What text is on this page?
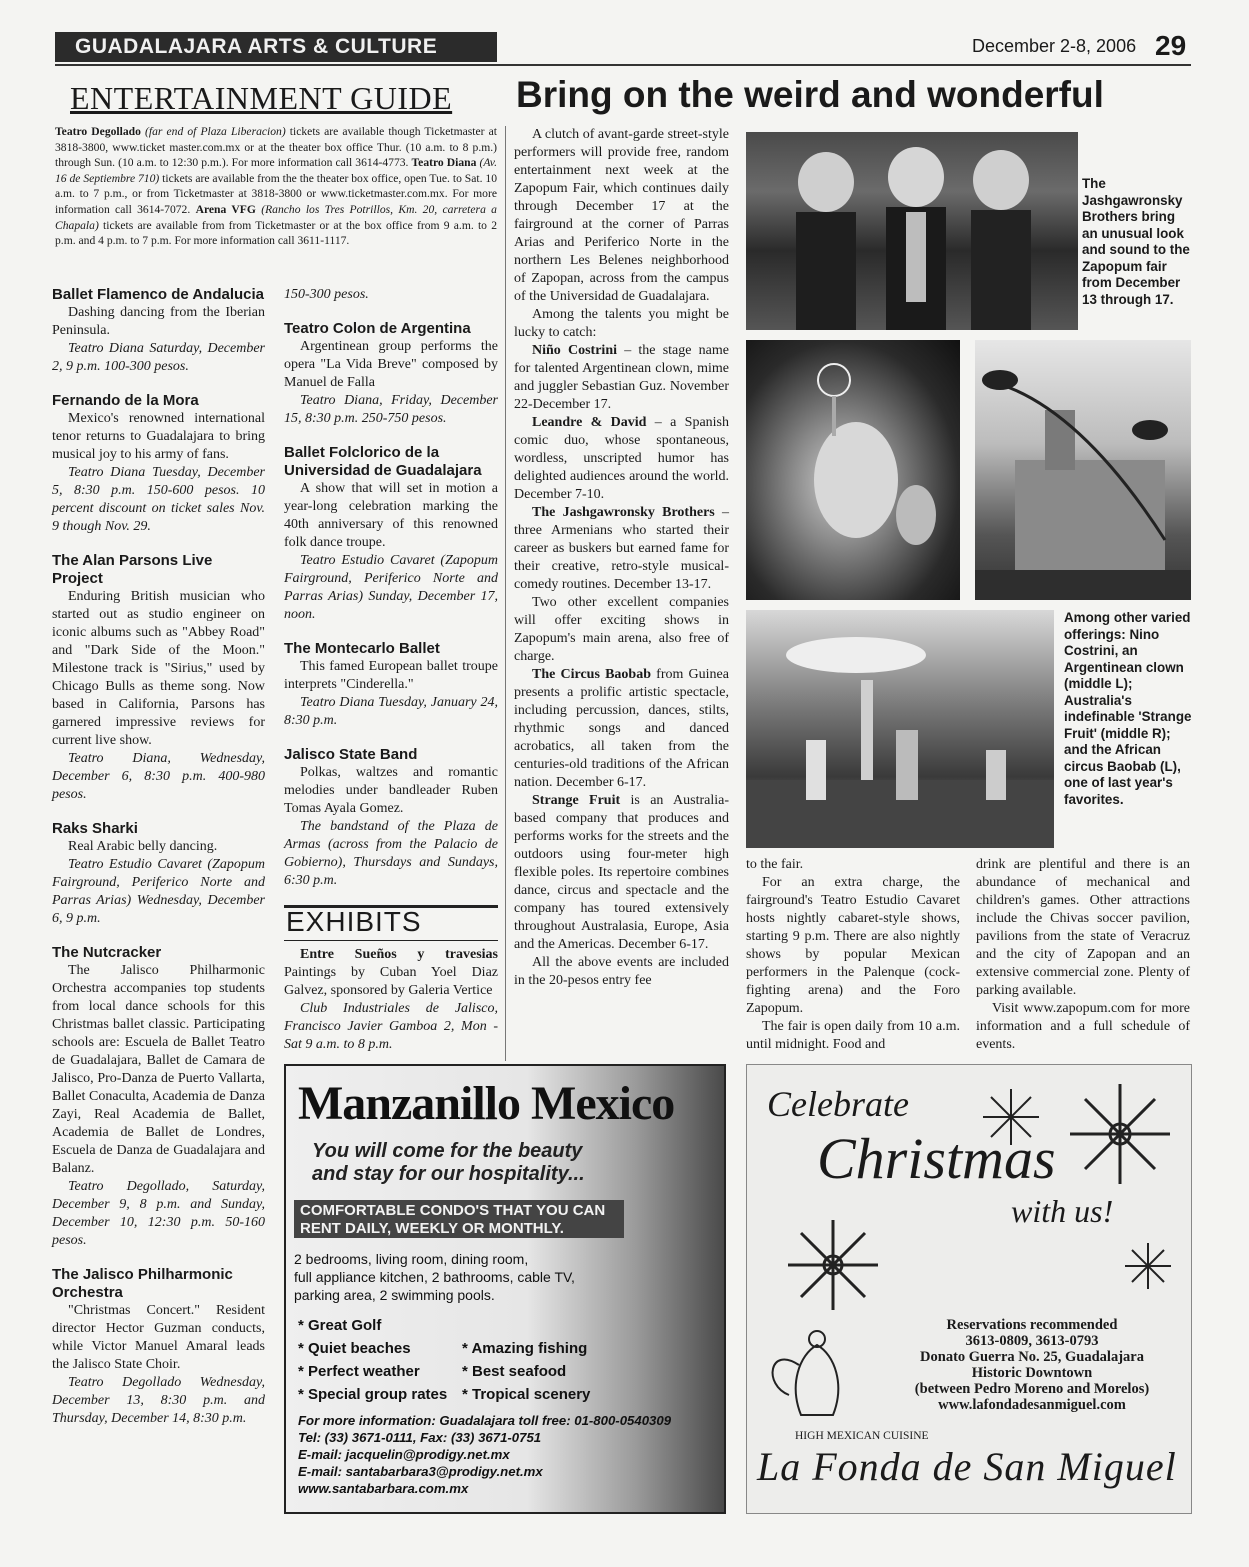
GUADALAJARA ARTS & CULTURE	December 2-8, 2006 29
ENTERTAINMENT GUIDE	Bring on the weird and wonderful
Teatro Degollado (far end of Plaza Liberacion) tickets are available though Ticketmaster at 3818-3800, www.ticket master.com.mx or at the theater box office Thur. (10 a.m. to 8 p.m.) through Sun. (10 a.m. to 12:30 p.m.). For more information call 3614-4773. Teatro Diana (Av. 16 de Septiembre 710) tickets are available from the the theater box office, open Tue. to Sat. 10 a.m. to 7 p.m., or from Ticketmaster at 3818-3800 or www.ticketmaster.com.mx. For more information call 3614-7072. Arena VFG (Rancho los Tres Potrillos, Km. 20, carretera a Chapala) tickets are available from from Ticketmaster or at the box office from 9 a.m. to 2 p.m. and 4 p.m. to 7 p.m. For more information call 3611-1117.
Ballet Flamenco de Andalucia

Dashing dancing from the Iberian Peninsula.

Teatro Diana Saturday, December 2, 9 p.m. 100-300 pesos.

Fernando de la Mora

Mexico's renowned international tenor returns to Guadalajara to bring musical joy to his army of fans.

Teatro Diana Tuesday, December 5, 8:30 p.m. 150-600 pesos. 10 percent discount on ticket sales Nov. 9 though Nov. 29.

The Alan Parsons Live Project

Enduring British musician who started out as studio engineer on iconic albums such as "Abbey Road" and "Dark Side of the Moon." Milestone track is "Sirius," used by Chicago Bulls as theme song. Now based in California, Parsons has garnered impressive reviews for current live show.

Teatro Diana, Wednesday, December 6, 8:30 p.m. 400-980 pesos.

Raks Sharki

Real Arabic belly dancing.

Teatro Estudio Cavaret (Zapopum Fairground, Periferico Norte and Parras Arias) Wednesday, December 6, 9 p.m.

The Nutcracker

The Jalisco Philharmonic Orchestra accompanies top students from local dance schools for this Christmas ballet classic. Participating schools are: Escuela de Ballet Teatro de Guadalajara, Ballet de Camara de Jalisco, Pro-Danza de Puerto Vallarta, Ballet Conaculta, Academia de Danza Zayi, Real Academia de Ballet, Academia de Ballet de Londres, Escuela de Danza de Guadalajara and Balanz.

Teatro Degollado, Saturday, December 9, 8 p.m. and Sunday, December 10, 12:30 p.m. 50-160 pesos.

The Jalisco Philharmonic Orchestra

"Christmas Concert." Resident director Hector Guzman conducts, while Victor Manuel Amaral leads the Jalisco State Choir.

Teatro Degollado Wednesday, December 13, 8:30 p.m. and Thursday, December 14, 8:30 p.m.

150-300 pesos.

Teatro Colon de Argentina

Argentinean group performs the opera "La Vida Breve" composed by Manuel de Falla

Teatro Diana, Friday, December 15, 8:30 p.m. 250-750 pesos.

Ballet Folclorico de la Universidad de Guadalajara

A show that will set in motion a year-long celebration marking the 40th anniversary of this renowned folk dance troupe.

Teatro Estudio Cavaret (Zapopum Fairground, Periferico Norte and Parras Arias) Sunday, December 17, noon.

The Montecarlo Ballet

This famed European ballet troupe interprets "Cinderella."

Teatro Diana Tuesday, January 24, 8:30 p.m.

Jalisco State Band

Polkas, waltzes and romantic melodies under bandleader Ruben Tomas Ayala Gomez.

The bandstand of the Plaza de Armas (across from the Palacio de Gobierno), Thursdays and Sundays, 6:30 p.m.

EXHIBITS

Entre Sueños y travesias Paintings by Cuban Yoel Diaz Galvez, sponsored by Galeria Vertice

Club Industriales de Jalisco, Francisco Javier Gamboa 2, Mon - Sat 9 a.m. to 8 p.m.

A clutch of avant-garde street-style performers will provide free, random entertainment next week at the Zapopum Fair, which continues daily through December 17 at the fairground at the corner of Parras Arias and Periferico Norte in the northern Les Belenes neighborhood of Zapopan, across from the campus of the Universidad de Guadalajara.

Among the talents you might be lucky to catch:

Niño Costrini – the stage name for talented Argentinean clown, mime and juggler Sebastian Guz. November 22-December 17.

Leandre & David – a Spanish comic duo, whose spontaneous, wordless, unscripted humor has delighted audiences around the world. December 7-10.

The Jashgawronsky Brothers – three Armenians who started their career as buskers but earned fame for their creative, retro-style musical-comedy routines. December 13-17.

Two other excellent companies will offer exciting shows in Zapopum's main arena, also free of charge.

The Circus Baobab from Guinea presents a prolific artistic spectacle, including percussion, dances, stilts, rhythmic songs and danced acrobatics, all taken from the centuries-old traditions of the African nation. December 6-17.

Strange Fruit is an Australia-based company that produces and performs works for the streets and the outdoors using four-meter high flexible poles. Its repertoire combines dance, circus and spectacle and the company has toured extensively throughout Australasia, Europe, Asia and the Americas. December 6-17.

All the above events are included in the 20-pesos entry fee

to the fair.

For an extra charge, the fairground's Teatro Estudio Cavaret hosts nightly cabaret-style shows, starting 9 p.m. There are also nightly shows by popular Mexican performers in the Palenque (cock-fighting arena) and the Foro Zapopum.

The fair is open daily from 10 a.m. until midnight. Food and

drink are plentiful and there is an abundance of mechanical and children's games. Other attractions include the Chivas soccer pavilion, pavilions from the state of Veracruz and the city of Zapopan and an extensive commercial zone. Plenty of parking available.

Visit www.zapopum.com for more information and a full schedule of events.

The Jashgawronsky Brothers bring an unusual look and sound to the Zapopum fair from December 13 through 17.
Among other varied offerings: Nino Costrini, an Argentinean clown (middle L); Australia's indefinable 'Strange Fruit' (middle R); and the African circus Baobab (L), one of last year's favorites.
Manzanillo Mexico
You will come for the beauty
and stay for our hospitality...
COMFORTABLE CONDO'S THAT YOU CAN
RENT DAILY, WEEKLY OR MONTHLY.
2 bedrooms, living room, dining room,
full appliance kitchen, 2 bathrooms, cable TV,
parking area, 2 swimming pools.
* Great Golf
* Quiet beaches
* Perfect weather
* Special group rates
* Amazing fishing
* Best seafood
* Tropical scenery
For more information: Guadalajara toll free: 01-800-0540309
Tel: (33) 3671-0111, Fax: (33) 3671-0751
E-mail: jacquelin@prodigy.net.mx
E-mail: santabarbara3@prodigy.net.mx
www.santabarbara.com.mx
Celebrate
Christmas
with us!
Reservations recommended
3613-0809, 3613-0793
Donato Guerra No. 25, Guadalajara
Historic Downtown
(between Pedro Moreno and Morelos)
www.lafondadesanmiguel.com
HIGH MEXICAN CUISINE
La Fonda de San Miguel
